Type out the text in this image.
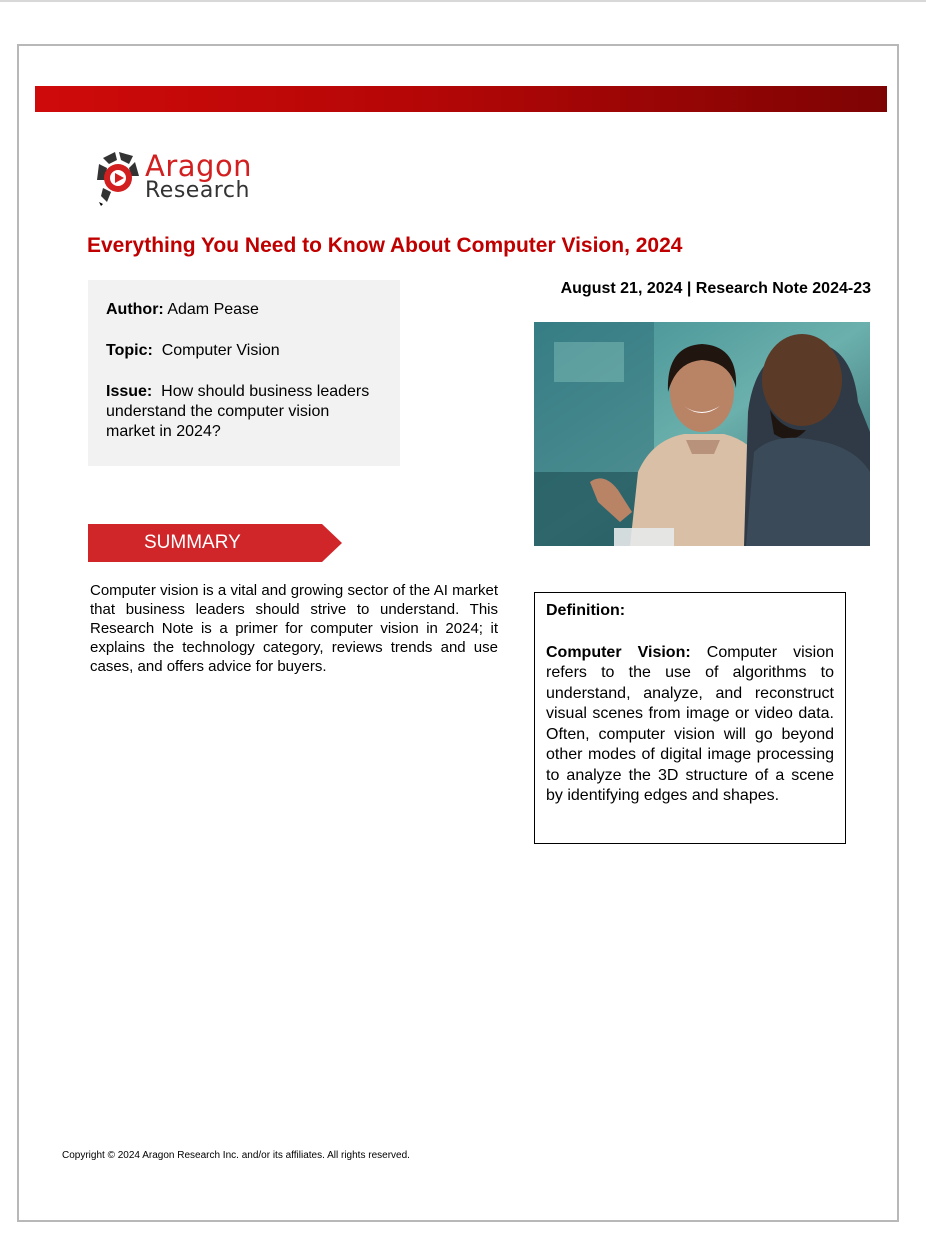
Aragon
Research
Everything You Need to Know About Computer Vision, 2024
August 21, 2024 | Research Note 2024-23
Author: Adam Pease
Topic: Computer Vision
Issue: How should business leaders understand the computer vision market in 2024?
SUMMARY
Computer vision is a vital and growing sector of the AI market that business leaders should strive to understand. This Research Note is a primer for computer vision in 2024; it explains the technology category, reviews trends and use cases, and offers advice for buyers.
Definition:
Computer Vision: Computer vision refers to the use of algorithms to understand, analyze, and reconstruct visual scenes from image or video data. Often, computer vision will go beyond other modes of digital image processing to analyze the 3D structure of a scene by identifying edges and shapes.
Copyright © 2024 Aragon Research Inc. and/or its affiliates. All rights reserved.
